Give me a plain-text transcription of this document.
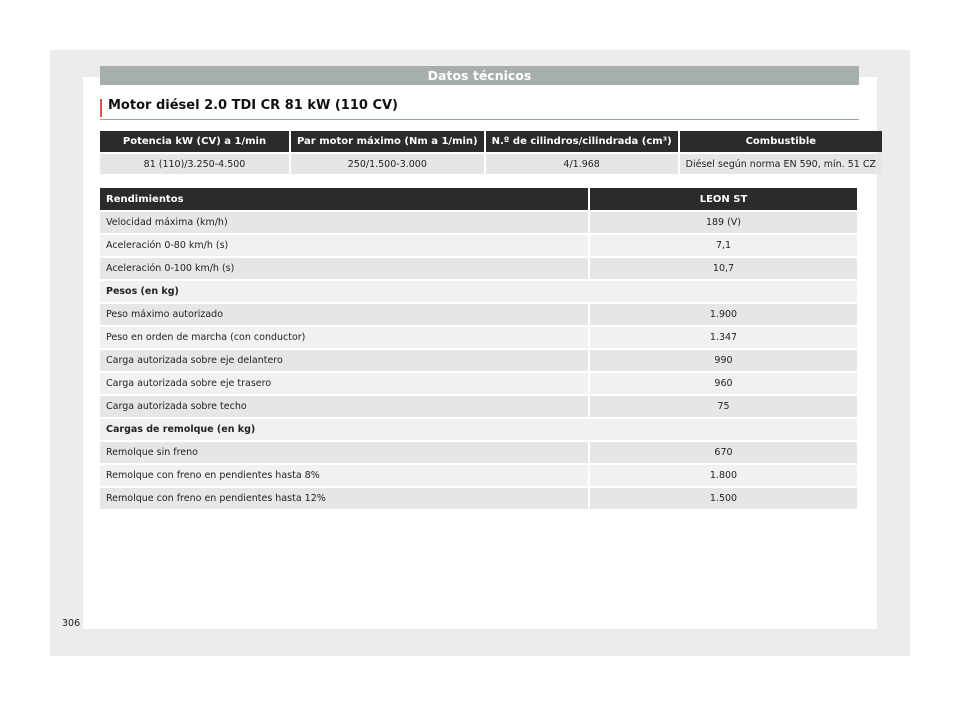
Datos técnicos
Motor diésel 2.0 TDI CR 81 kW (110 CV)
Potencia kW (CV) a 1/min	Par motor máximo (Nm a 1/min)	N.º de cilindros/cilindrada (cm³)	Combustible
81 (110)/3.250-4.500	250/1.500-3.000	4/1.968	Diésel según norma EN 590, mín. 51 CZ
Rendimientos	LEON ST
Velocidad máxima (km/h)	189 (V)
Aceleración 0-80 km/h (s)	7,1
Aceleración 0-100 km/h (s)	10,7
Pesos (en kg)	
Peso máximo autorizado	1.900
Peso en orden de marcha (con conductor)	1.347
Carga autorizada sobre eje delantero	990
Carga autorizada sobre eje trasero	960
Carga autorizada sobre techo	75
Cargas de remolque (en kg)	
Remolque sin freno	670
Remolque con freno en pendientes hasta 8%	1.800
Remolque con freno en pendientes hasta 12%	1.500
306
